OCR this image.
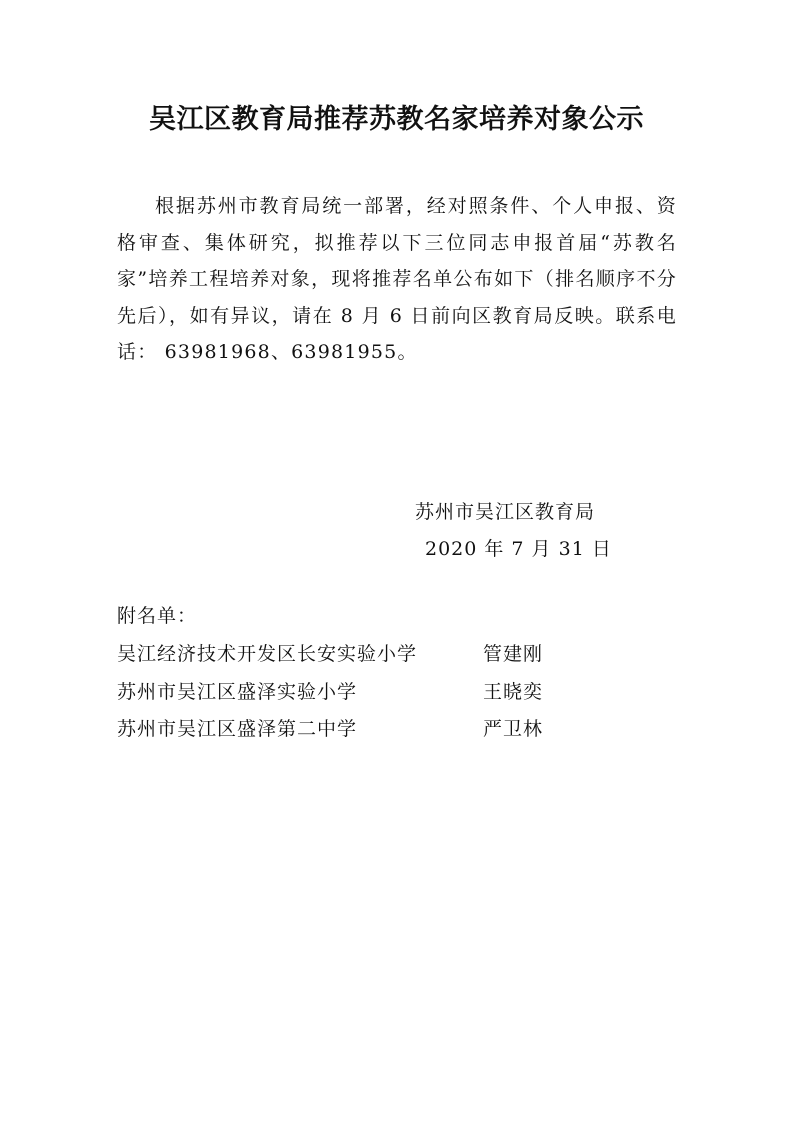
吴江区教育局推荐苏教名家培养对象公示
根据苏州市教育局统一部署，经对照条件、个人申报、资格审查、集体研究，拟推荐以下三位同志申报首届“苏教名家”培养工程培养对象，现将推荐名单公布如下（排名顺序不分先后），如有异议，请在 8 月 6 日前向区教育局反映。联系电话： 63981968、63981955。
苏州市吴江区教育局
2020 年 7 月 31 日
附名单：
吴江经济技术开发区长安实验小学	管建刚
苏州市吴江区盛泽实验小学	王晓奕
苏州市吴江区盛泽第二中学	严卫林
